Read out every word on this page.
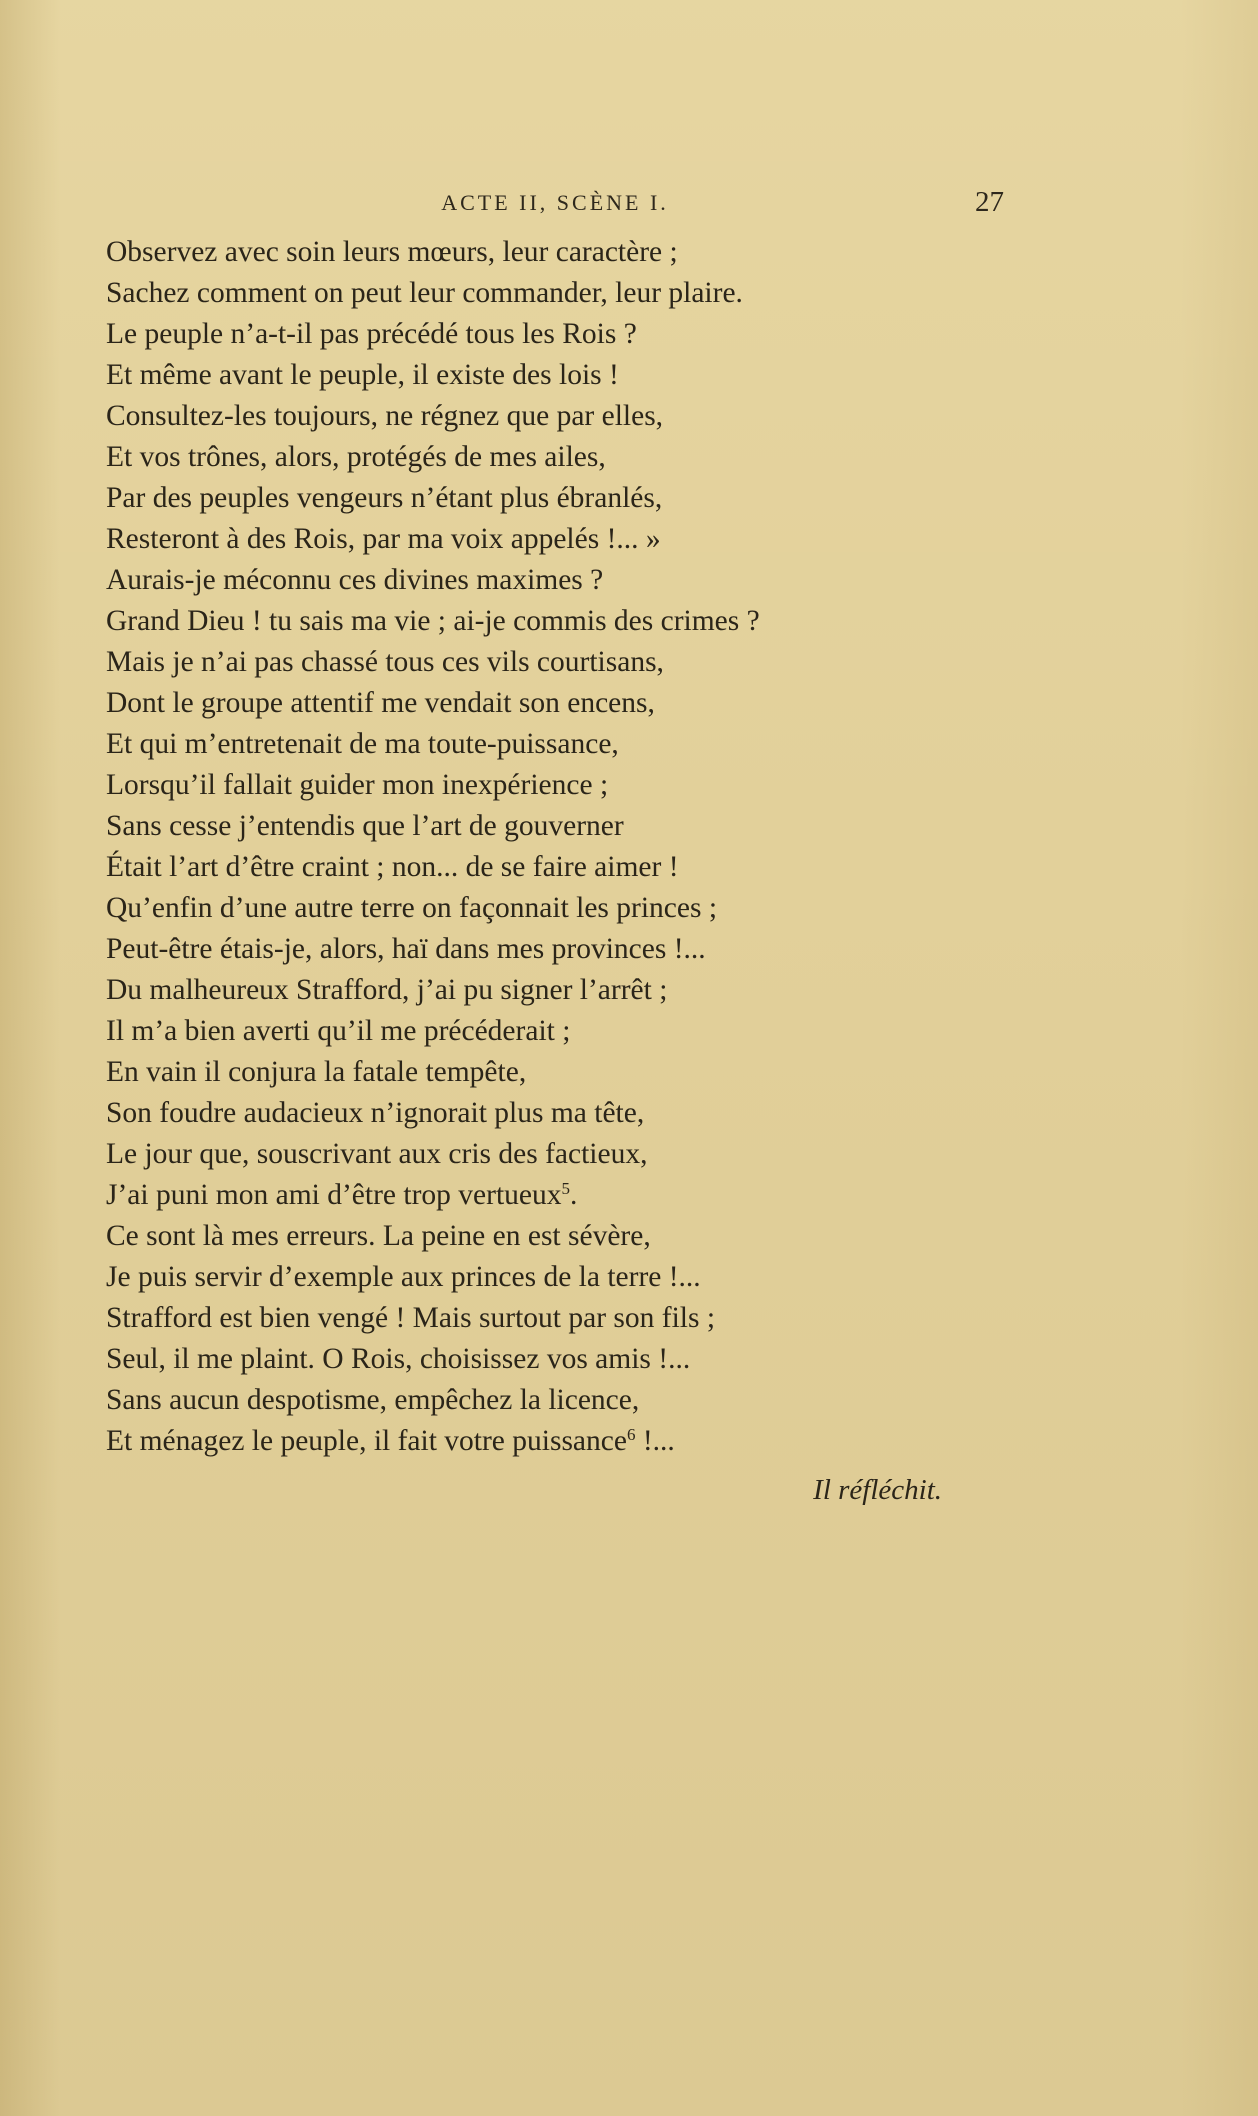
ACTE II, SCÈNE I.	27
Observez avec soin leurs mœurs, leur caractère ;
Sachez comment on peut leur commander, leur plaire.
Le peuple n’a-t-il pas précédé tous les Rois ?
Et même avant le peuple, il existe des lois !
Consultez-les toujours, ne régnez que par elles,
Et vos trônes, alors, protégés de mes ailes,
Par des peuples vengeurs n’étant plus ébranlés,
Resteront à des Rois, par ma voix appelés !... »
Aurais-je méconnu ces divines maximes ?
Grand Dieu ! tu sais ma vie ; ai-je commis des crimes ?
Mais je n’ai pas chassé tous ces vils courtisans,
Dont le groupe attentif me vendait son encens,
Et qui m’entretenait de ma toute-puissance,
Lorsqu’il fallait guider mon inexpérience ;
Sans cesse j’entendis que l’art de gouverner
Était l’art d’être craint ; non... de se faire aimer !
Qu’enfin d’une autre terre on façonnait les princes ;
Peut-être étais-je, alors, haï dans mes provinces !...
Du malheureux Strafford, j’ai pu signer l’arrêt ;
Il m’a bien averti qu’il me précéderait ;
En vain il conjura la fatale tempête,
Son foudre audacieux n’ignorait plus ma tête,
Le jour que, souscrivant aux cris des factieux,
J’ai puni mon ami d’être trop vertueux$^5$.
Ce sont là mes erreurs. La peine en est sévère,
Je puis servir d’exemple aux princes de la terre !...
Strafford est bien vengé ! Mais surtout par son fils ;
Seul, il me plaint. O Rois, choisissez vos amis !...
Sans aucun despotisme, empêchez la licence,
Et ménagez le peuple, il fait votre puissance$^6$ !...
Il réfléchit.
